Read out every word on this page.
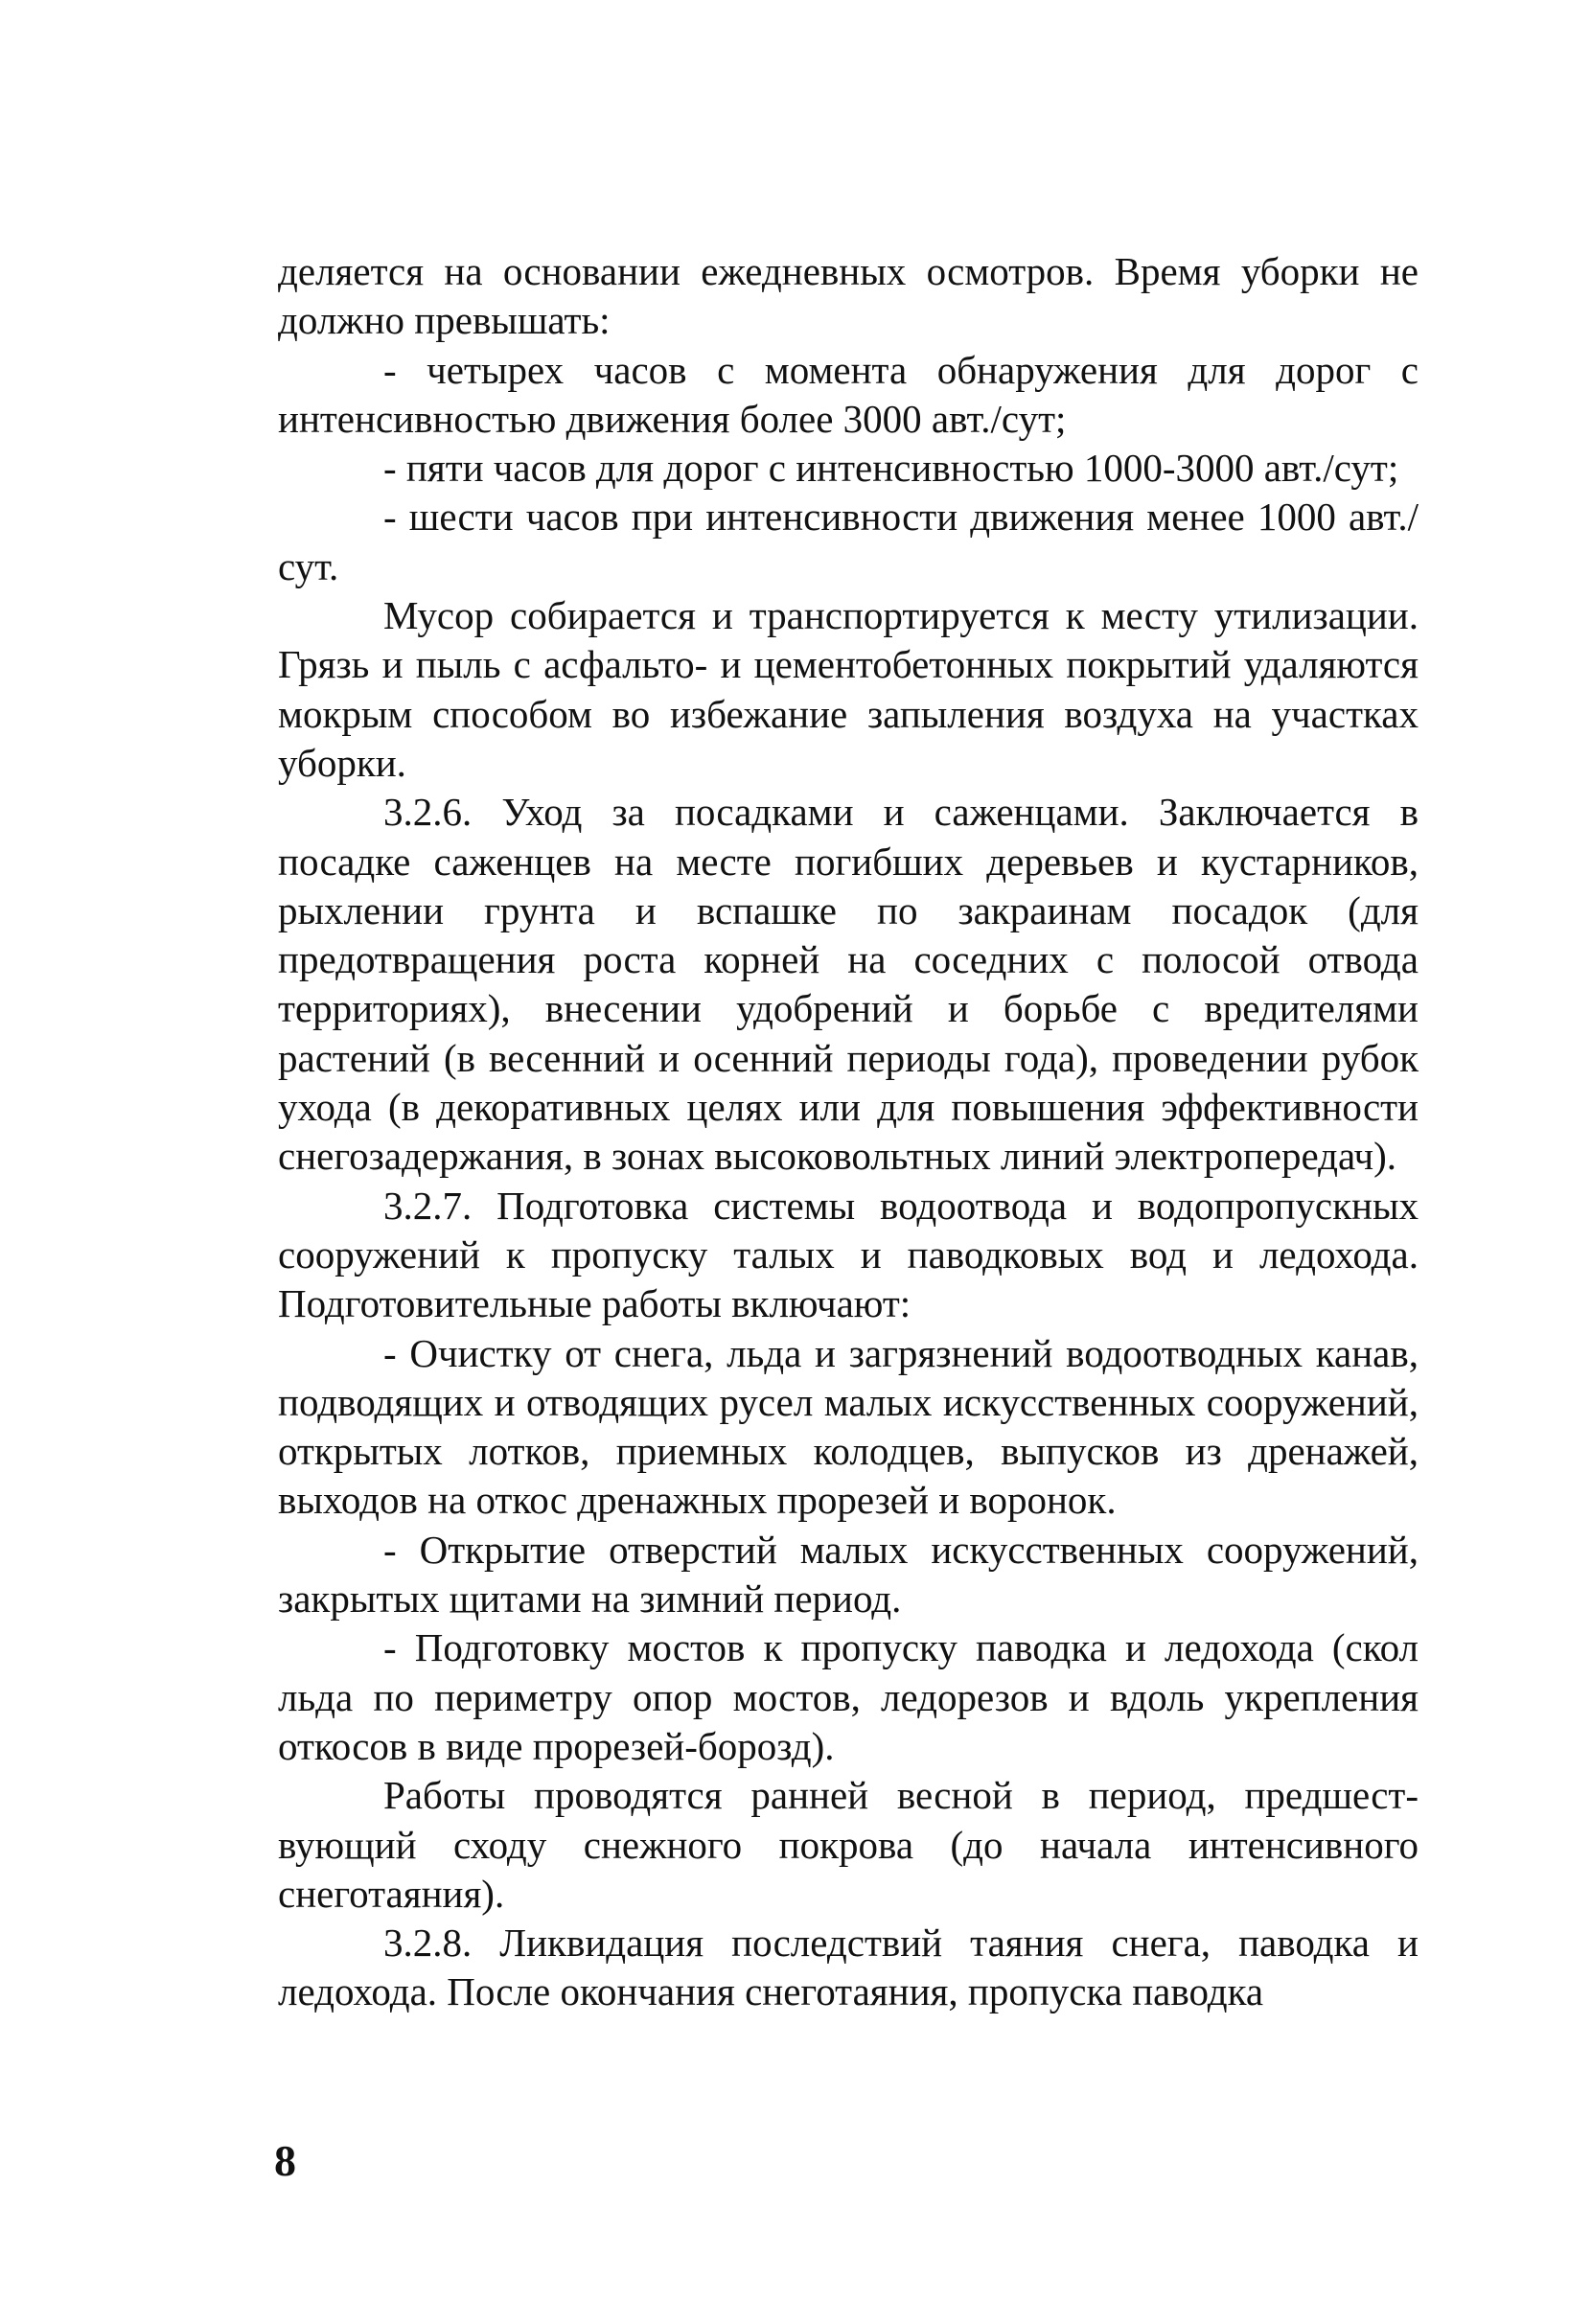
деляется на основании ежедневных осмотров. Время уборки не должно превышать:

- четырех часов с момента обнаружения для дорог с интенсивностью движения более 3000 авт./сут;

- пяти часов для дорог с интенсивностью 1000-3000 авт./сут;

- шести часов при интенсивности движения менее 1000 авт./ сут.

Мусор собирается и транспортируется к месту утилизации. Грязь и пыль с асфальто- и цементобетонных покрытий удаляются мокрым способом во избежание запыления воздуха на участках уборки.

3.2.6. Уход за посадками и саженцами. Заключается в посадке саженцев на месте погибших деревьев и кустарников, рыхлении грунта и вспашке по закраинам посадок (для предотвращения роста корней на соседних с полосой отвода территориях), внесении удобрений и борьбе с вредителями растений (в весенний и осенний периоды года), проведении рубок ухода (в декоративных целях или для повышения эффективности снегозадержания, в зонах высоковольтных линий электропередач).

3.2.7. Подготовка системы водоотвода и водопропускных сооружений к пропуску талых и паводковых вод и ледохода. Подготовительные работы включают:

- Очистку от снега, льда и загрязнений водоотводных канав, подводящих и отводящих русел малых искусственных сооружений, открытых лотков, приемных колодцев, выпусков из дренажей, выходов на откос дренажных прорезей и воронок.

- Открытие отверстий малых искусственных сооружений, закрытых щитами на зимний период.

- Подготовку мостов к пропуску паводка и ледохода (скол льда по периметру опор мостов, ледорезов и вдоль укрепления откосов в виде прорезей-борозд).

Работы проводятся ранней весной в период, предшест-вующий сходу снежного покрова (до начала интенсивного снеготаяния).

3.2.8. Ликвидация последствий таяния снега, паводка и ледохода. После окончания снеготаяния, пропуска паводка

8
